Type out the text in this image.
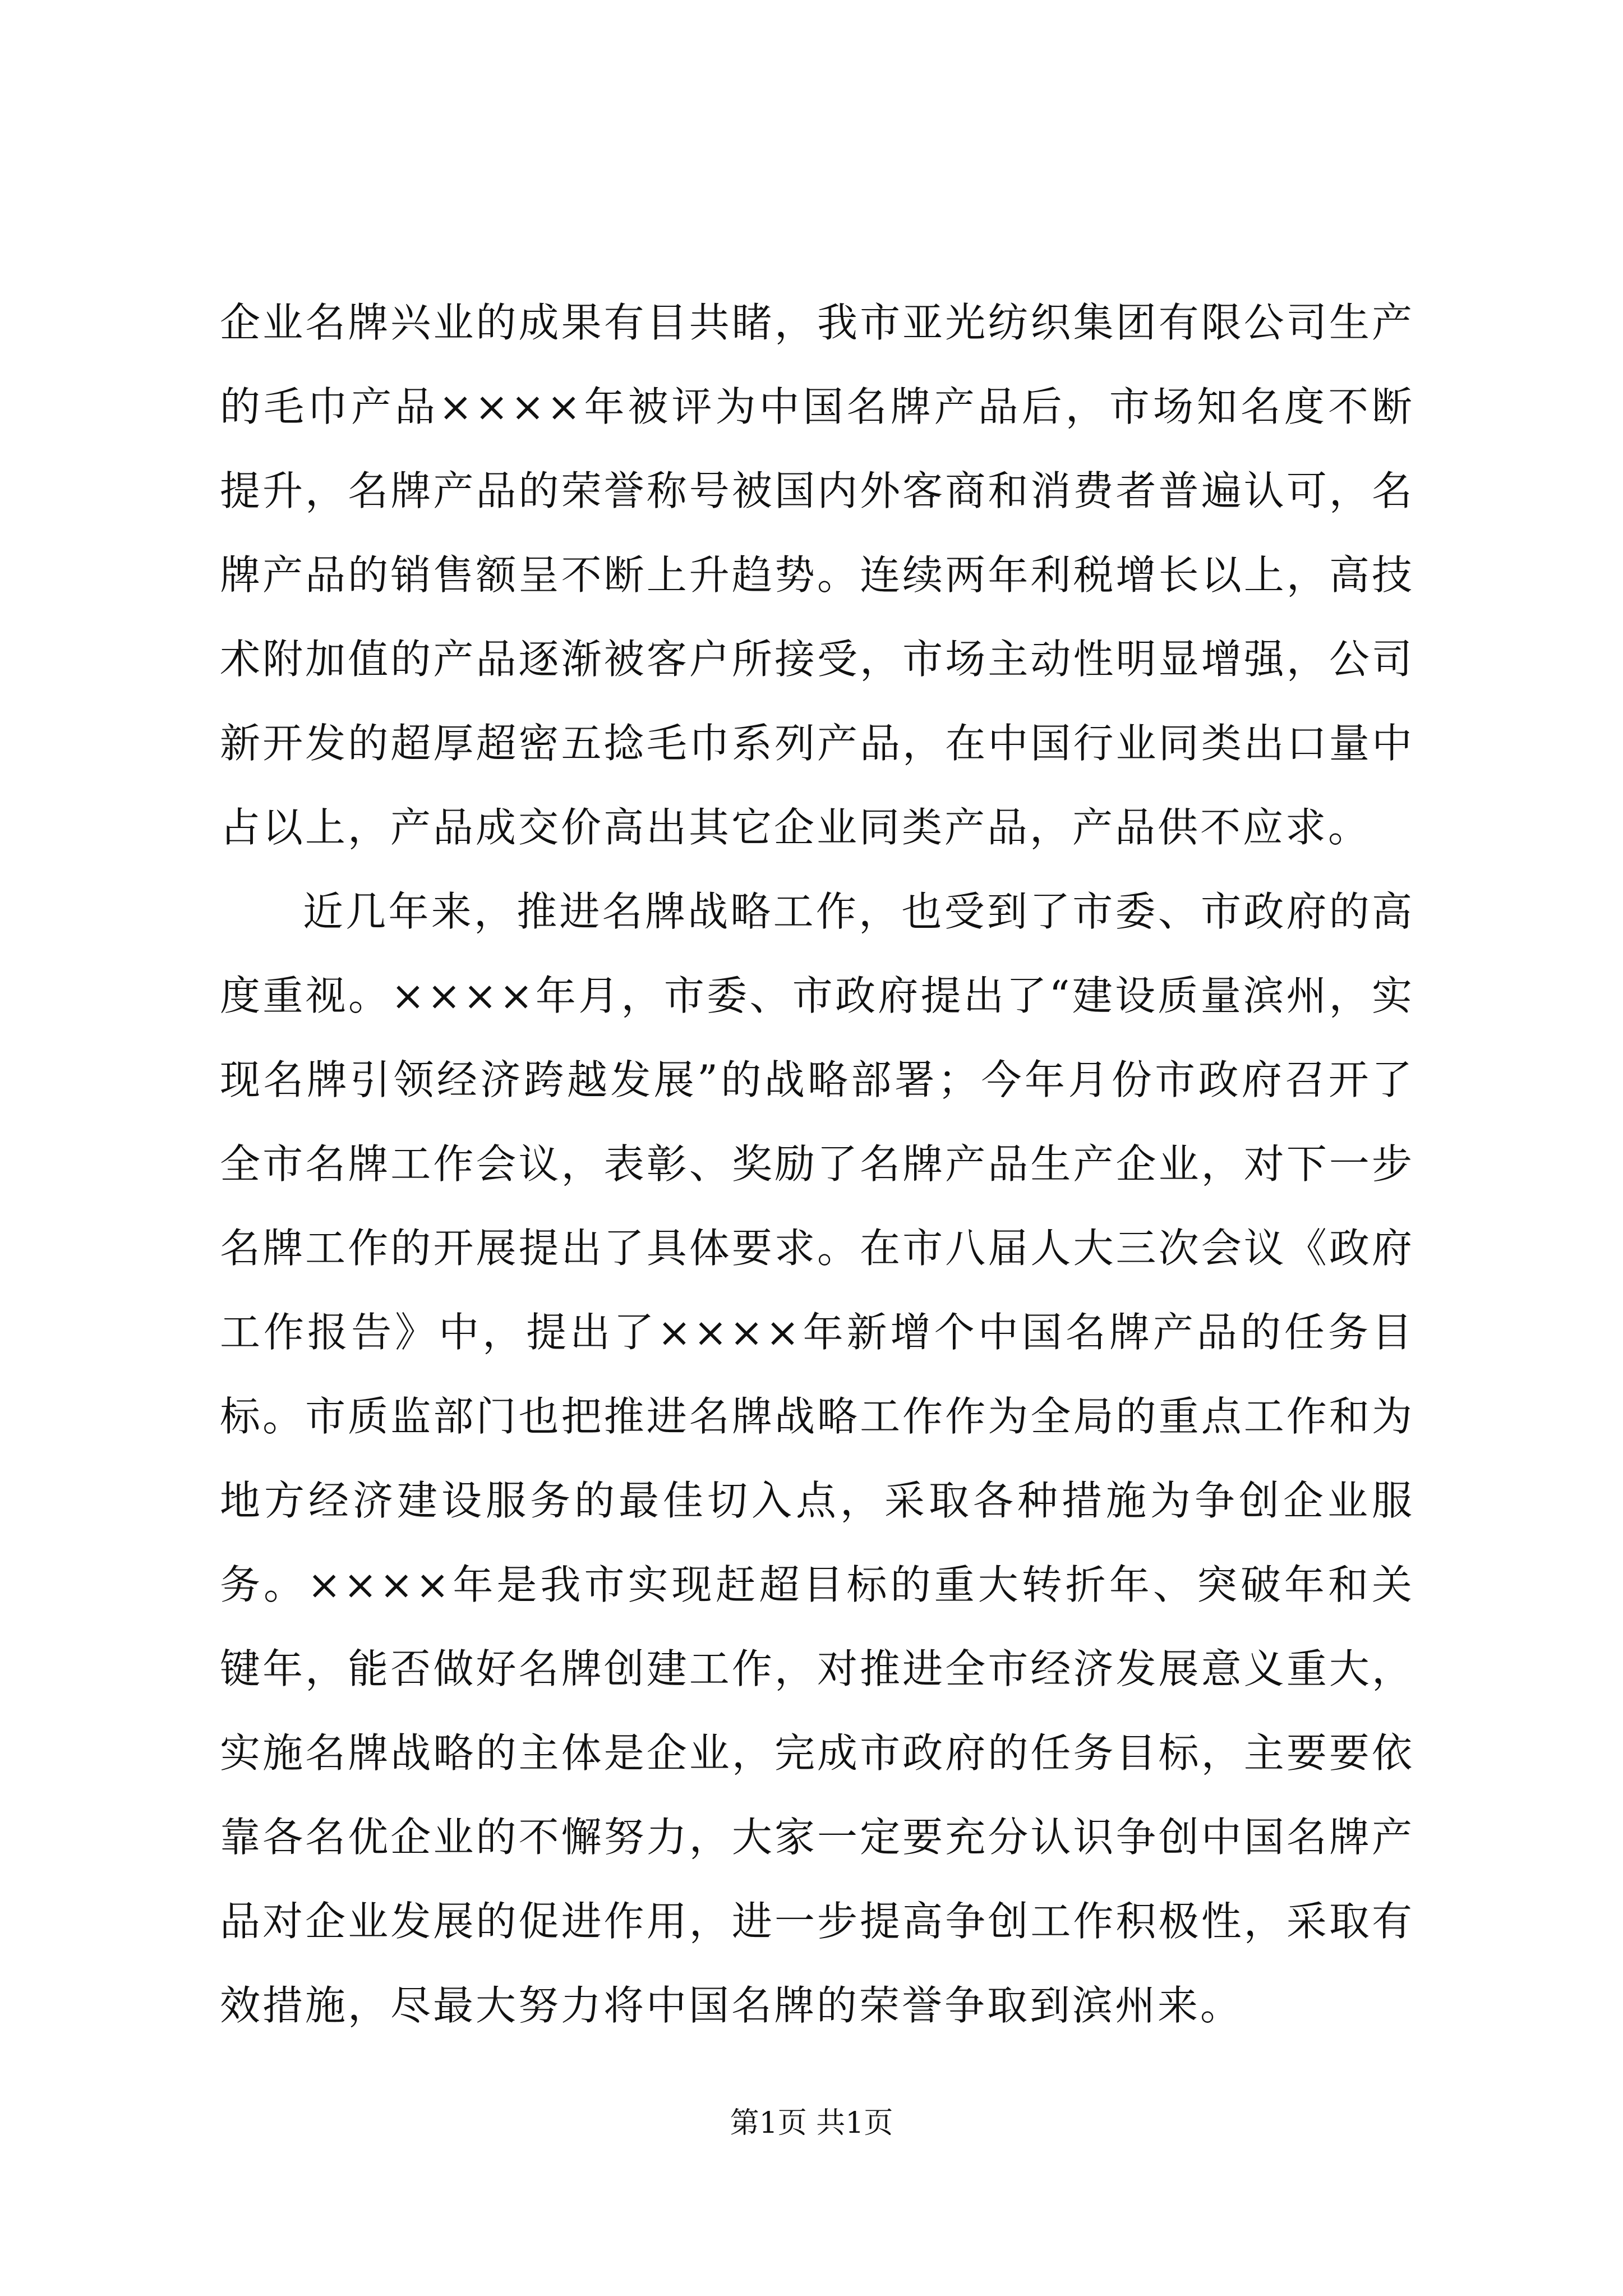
企业名牌兴业的成果有目共睹，我市亚光纺织集团有限公司生产的毛巾产品××××年被评为中国名牌产品后，市场知名度不断提升，名牌产品的荣誉称号被国内外客商和消费者普遍认可，名牌产品的销售额呈不断上升趋势。连续两年利税增长以上，高技术附加值的产品逐渐被客户所接受，市场主动性明显增强，公司新开发的超厚超密五捻毛巾系列产品，在中国行业同类出口量中占以上，产品成交价高出其它企业同类产品，产品供不应求。

近几年来，推进名牌战略工作，也受到了市委、市政府的高度重视。××××年月，市委、市政府提出了“建设质量滨州，实现名牌引领经济跨越发展”的战略部署；今年月份市政府召开了全市名牌工作会议，表彰、奖励了名牌产品生产企业，对下一步名牌工作的开展提出了具体要求。在市八届人大三次会议《政府工作报告》中，提出了××××年新增个中国名牌产品的任务目标。市质监部门也把推进名牌战略工作作为全局的重点工作和为地方经济建设服务的最佳切入点，采取各种措施为争创企业服务。××××年是我市实现赶超目标的重大转折年、突破年和关键年，能否做好名牌创建工作，对推进全市经济发展意义重大，实施名牌战略的主体是企业，完成市政府的任务目标，主要要依靠各名优企业的不懈努力，大家一定要充分认识争创中国名牌产品对企业发展的促进作用，进一步提高争创工作积极性，采取有效措施，尽最大努力将中国名牌的荣誉争取到滨州来。

第1页 共1页
